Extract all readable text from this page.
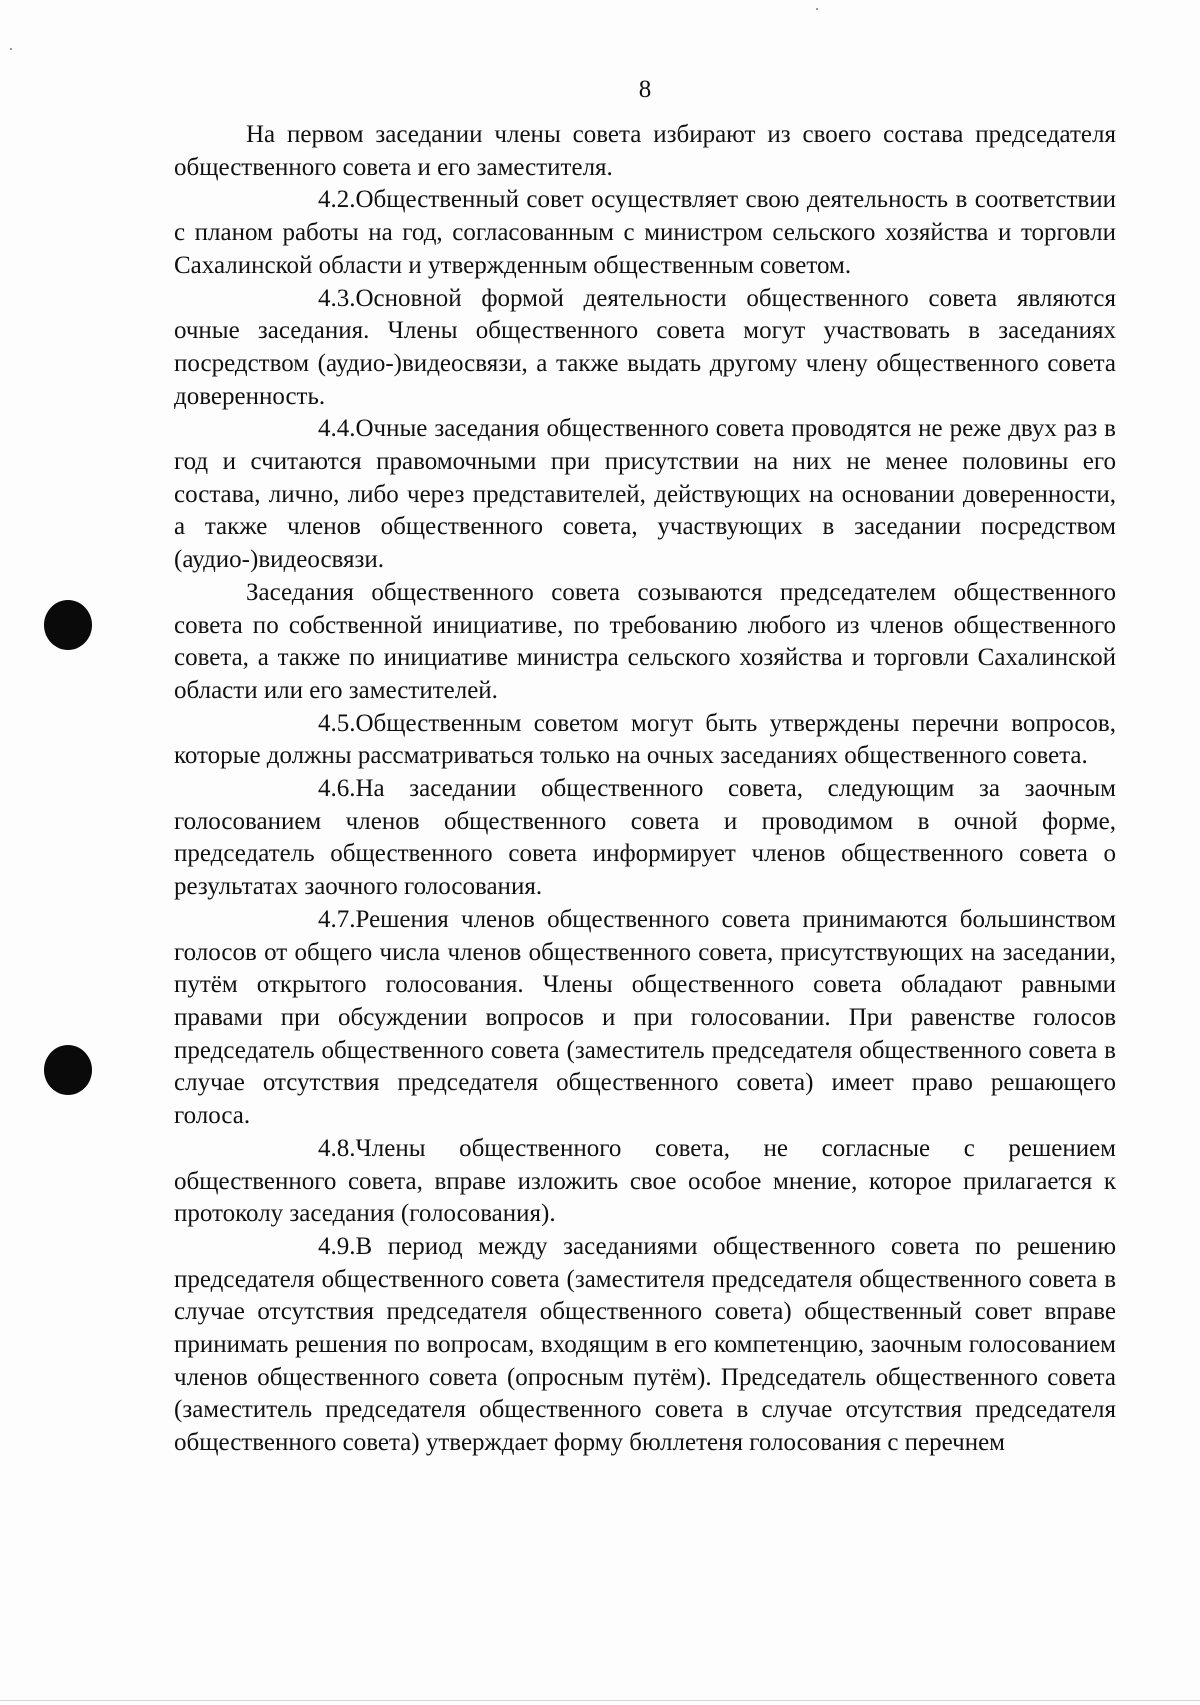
8

На первом заседании члены совета избирают из своего состава председателя общественного совета и его заместителя.

4.2.Общественный совет осуществляет свою деятельность в соответствии с планом работы на год, согласованным с министром сельского хозяйства и торговли Сахалинской области и утвержденным общественным советом.

4.3.Основной формой деятельности общественного совета являются очные заседания. Члены общественного совета могут участвовать в заседаниях посредством (аудио-)видеосвязи, а также выдать другому члену общественного совета доверенность.

4.4.Очные заседания общественного совета проводятся не реже двух раз в год и считаются правомочными при присутствии на них не менее половины его состава, лично, либо через представителей, действующих на основании доверенности, а также членов общественного совета, участвующих в заседании посредством (аудио-)видеосвязи.

Заседания общественного совета созываются председателем общественного совета по собственной инициативе, по требованию любого из членов общественного совета, а также по инициативе министра сельского хозяйства и торговли Сахалинской области или его заместителей.

4.5.Общественным советом могут быть утверждены перечни вопросов, которые должны рассматриваться только на очных заседаниях общественного совета.

4.6.На заседании общественного совета, следующим за заочным голосованием членов общественного совета и проводимом в очной форме, председатель общественного совета информирует членов общественного совета о результатах заочного голосования.

4.7.Решения членов общественного совета принимаются большинством голосов от общего числа членов общественного совета, присутствующих на заседании, путём открытого голосования. Члены общественного совета обладают равными правами при обсуждении вопросов и при голосовании. При равенстве голосов председатель общественного совета (заместитель председателя общественного совета в случае отсутствия председателя общественного совета) имеет право решающего голоса.

4.8.Члены общественного совета, не согласные с решением общественного совета, вправе изложить свое особое мнение, которое прилагается к протоколу заседания (голосования).

4.9.В период между заседаниями общественного совета по решению председателя общественного совета (заместителя председателя общественного совета в случае отсутствия председателя общественного совета) общественный совет вправе принимать решения по вопросам, входящим в его компетенцию, заочным голосованием членов общественного совета (опросным путём). Председатель общественного совета (заместитель председателя общественного совета в случае отсутствия председателя общественного совета) утверждает форму бюллетеня голосования с перечнем
